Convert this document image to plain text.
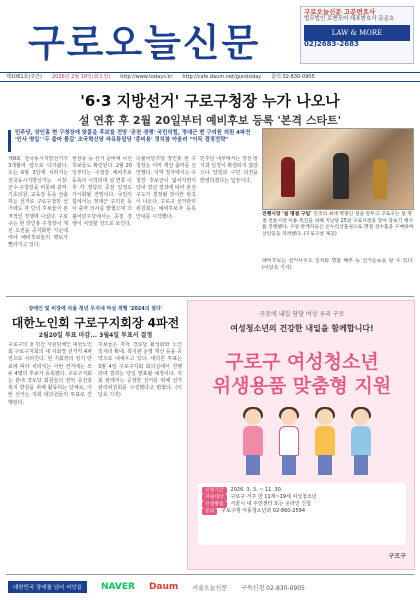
구로오늘신문
구로오늘신문 고문변호사
법무법인 로앤모어 대표변호사 문준호
LAW & MORE
02)2683-2683
제1061호(주간) 2026년 2월 10일(화요일) http://www.todays.kr http://cafe.daum.net/gurotoday 문의 02-830-0905
'6·3 지방선거' 구로구청장 누가 나오나
설 연휴 후 2월 20일부터 예비후보 등록 '본격 스타트'
민주당, 장인홍 현 구청장에 맞붙을 후보들 전망 '공천 경쟁' 국민의힘, 정대근 현 구의원 의원 4파전 '인사 영입' '두 출마 물갈' 조국혁신당 자유통일당 '총비용' 정치참 아울러 "이득 결정전략"
제9회 전국동시지방선거가 3개월여 앞으로 다가왔다. 오는 6월 3일에 치러지는 전국동시지방선거는 시장·군수·구청장을 비롯해 광역·기초의원, 교육감 등을 선출하는 선거로 구로구청장 선거에도 각 당의 후보들이 본격적인 경쟁에 나섰다. 구로구는 현 장인홍 구청장이 재선 도전을 공식화한 가운데 여야 예비후보들의 행보가 빨라지고 있다.
현상유 등 선거 준비에 나선 후보들도 확인된다. 2월 20일부터는 구청장 예비후보 등록이 시작되며 설 연휴 이후 각 정당의 공천 일정도 가시화될 전망이다. 국민의힘에서는 정대근 구의원 등이 출마 의사를 밝혔으며 더불어민주당에서는 공천 경쟁이 치열할 것으로 보인다.
더불어민주당 장인홍 현 구청장은 이미 재선 출마를 선언했다. 지역 정가에서는 구청장 후보군이 넓어지면서 당내 경선 결과에 따라 본선 구도가 결정될 것이란 관측이 나온다. 구로구 선거관리위원회는 예비후보자 등록 안내를 시작했다.
민주당 내부에서는 경선 방식과 일정이 확정되지 않았으나 당원과 구민 의견을 반영하겠다는 입장이다.
진행시장 '설 명절 구입' 민족의 최대 명절인 설을 앞두고 구로구는 설 명절 전통시장 이용 촉진을 위해 지난달 25일 구로시장을 찾아 장보기 행사를 진행했다. 구청 관계자들은 온누리상품권으로 명절 성수품을 구매하며 상인들을 격려했다. (구로구청 제공)
예비후보는 선거사무소 설치와 명함 배부 등 선거운동을 할 수 있다. (이달호 기자)
장애인 및 비장애 자율 청년 무지네 마실 적행 '2024의 알다'
대한노인회 구로구지회장 4파전
2월20일 투표 마감... 3월4일 투표서 결정
구로구의 첫 민간 자원단체인 대한노인회 구로구지회의 새 지회장 선거가 4파전으로 치러진다. 현 지회장의 임기 만료에 따라 치러지는 이번 선거에는 모두 4명의 후보가 등록했다. 구로구지회는 관내 경로당 회원들의 권익 증진과 복지 향상을 위해 활동하는 단체로, 이번 선거는 지회 대의원들의 투표로 진행된다.
후보들은 각각 경로당 활성화와 노인 일자리 확대, 복지관 운영 개선 등을 공약으로 내세우고 있다. 대의원 투표는 3월 4일 구로구지회 회의실에서 진행되며 결과는 당일 발표될 예정이다. 지회 관계자는 공정한 선거를 위해 선거관리위원회를 구성했다고 밝혔다. (이달호 기자)
구로에 내일 당당 여성 우리 구로
여성청소년의 건강한 내일을 함께합니다!
구로구 여성청소년
위생용품 맞춤형 지원
신청기간	2026. 3. 3. ~ 11. 30.
지원대상	구로구 거주 만 11세~19세 여성청소년
신청방법	서울시 내 주민센터 또는 온라인 신청
문의	구로구청 아동청소년과 02-860-2594
구로구
대한민국 장애를 넘어 씨앗을	NAVER Daum 서울오늘신문 구독신청 02-830-0905
